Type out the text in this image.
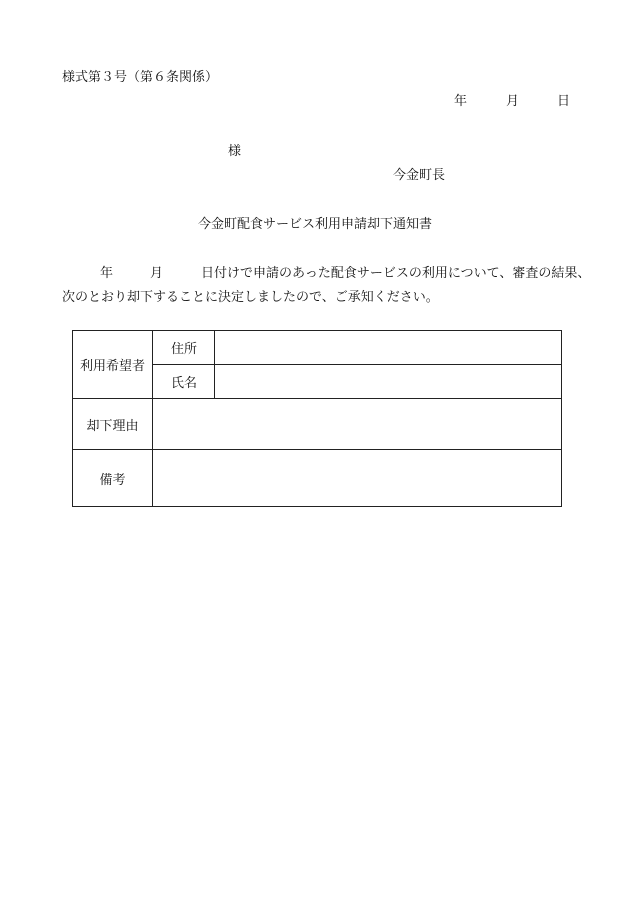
様式第３号（第６条関係）
年	月	日
様
今金町長
今金町配食サービス利用申請却下通知書
年	月	日付けで申請のあった配食サービスの利用について、審査の結果、
次のとおり却下することに決定しましたので、ご承知ください。
利用希望者	住所	
	氏名	
却下理由		
備考		
